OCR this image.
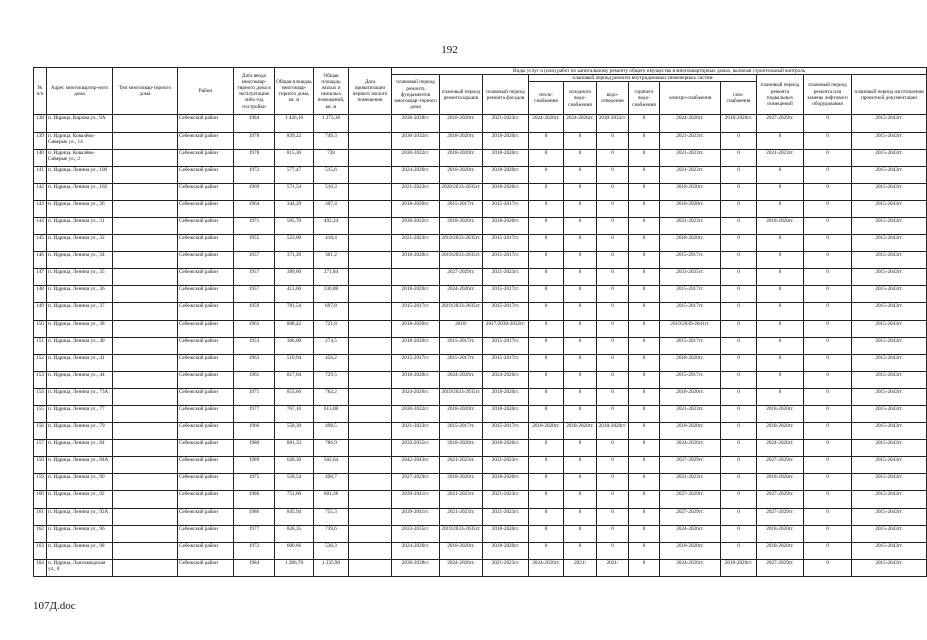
192
№ п/п	Адрес многоквартир-ного дома	Тип многоквар-тирного дома	Район	Дата ввода многоквар-тирного дома в эксплуатацию либо год постройки	Общая площадь многоквар-тирного дома, кв. м	Общая площадь жилых и нежилых помещений, кв. м	Дата приватизации первого жилого помещения	Виды услуг и (или) работ по капитальному ремонту общего имущества в многоквартирных домах, включая строительный контроль											
								плановый период ремонта фундаментов многоквар-тирного дома	плановый период ремонта крыши	плановый период ремонта фасадов	плановый период ремонта внутридомовых инженерных систем						плановый период ремонта подвальных помещений	плановый период ремонта или замены лифтового оборудования	плановый период изготовления проектной документации
											тепло-снабжения	холодного водо-снабжения	водо-отведения	горячего водо-снабжения	электро-снабжения	газо-снабжения			
138	п. Ицрица, Кирова ул., 9А		Себежский район	1984	1 426,10	1 273,30		2036-2038гг.	2018-2020гг.	2021-2023гг.	2024-2026гг.	2024-2026гг.	2030-2032гг.	0	2024-2026гг.	2018-2020гг.	2027-2029гг.	0	2015-2043гг.
139	п. Идрица, Ковалёво-Сиверые ул., 14		Себежский район	1978	839,22	749,3		2030-2032гг.	2018-2020гг.	2018-2020гг.	0	0	0	0	2021-2023гг.	0	0	0	2015-2043гг.
140	п. Идрица, Ковалёво-Сиверые ул., 2		Себежский район	1978	815,36	728		2030-2032гг.	2018-2020гг.	2018-2020гг.	0	0	0	0	2021-2023гг.	0	2021-2023гг.	0	2015-2043гг.
141	п. Идрица, Ленина ул., 100		Себежский район	1972	577,47	515,6		2024-2026гг.	2018-2020гг.	2018-2020гг.	0	0	0	0	2021-2023гг.	0	0	0	2015-2043гг.
142	п. Идрица, Ленина ул., 102		Себежский район	1969	571,54	510,3		2021-2023гг.	2020/2033-2035гг.	2018-2020гг.	0	0	0	0	2018-2020гг.	0	0	0	2015-2043гг.
143	п. Идрица, Ленина ул., 26		Себежский район	1964	344,29	307,4		2018-2020гг.	2015-2017гг.	2015-2017гг.	0	0	0	0	2018-2020гг.	0	0	0	2015-2043гг.
144	п. Идрица, Ленина ул., 31		Себежский район	1971	505,70	492,24		2030-2032гг.	2018-2020гг.	2018-2020гг.	0	0	0	0	2021-2023гг.	0	2018-2020гг.	0	2015-2043гг.
145	п. Идрица, Ленина ул., 32		Себежский район	1955	523,00	418,4		2021-2023гг.	2019/2033-2035гг.	2015-2017гг.	0	0	0	0	2018-2020гг.	0	0	0	2015-2043гг.
146	п. Идрица, Ленина ул., 34		Себежский район	1957	371,20	301,2		2018-2020гг.	2019/2033-2035гг.	2015-2017гг.	0	0	0	0	2015-2017гг.	0	0	0	2015-2043гг.
147	п. Идрица, Ленина ул., 35		Себежский район	1957	389,60	271,84			2027-2029гг.	2021-2023гг.	0	0	0	0	2033-2035гг.	0	0	0	2015-2043гг.
148	п. Идрица, Ленина ул., 36		Себежский район	1957	413,60	330,88		2018-2020гг.	2024-2026гг.	2015-2017гг.	0	0	0	0	2015-2017гг.	0	0	0	2015-2043гг.
149	п. Идрица, Ленина ул., 37		Себежский район	1959	781,54	697,8		2015-2017гг.	2019/2033-2035гг.	2015-2017гг.	0	0	0	0	2015-2017гг.	0	0	0	2015-2043гг.
150	п. Идрица, Ленина ул., 38		Себежский район	1963	808,42	721,8		2018-2020гг.	2018/	2017/2030-2032гг.	0	0	0	0	2019/2039-2041гг.	0	0	0	2015-2043гг.
151	п. Идрица, Ленина ул., 40		Себежский район	1953	366,00	274,5		2018-2020гг.	2015-2017гг.	2015-2017гг.	0	0	0	0	2015-2017гг.	0	0	0	2015-2043гг.
152	п. Идрица, Ленина ул., 41		Себежский район	1963	510,94	456,2		2015-2017гг.	2015-2017гг.	2015-2017гг.	0	0	0	0	2018-2020гг.	0	0	0	2015-2043гг.
153	п. Идрица, Ленина ул., 44		Себежский район	1961	817,04	729,5		2018-2020гг.	2024-2026гг.	2024-2026гг.	0	0	0	0	2015-2017гг.	0	0	0	2015-2043гг.
154	п. Идрица, Ленина ул., 73А		Себежский район	1971	853,66	762,2		2024-2026гг.	2019/2033-2035гг.	2018-2020гг.	0	0	0	0	2018-2020гг.	0	0	0	2015-2043гг.
155	п. Идрица, Ленина ул., 77		Себежский район	1977	767,10	613,08		2030-2032гг.	2018-2020гг.	2018-2020гг.	0	0	0	0	2021-2023гг.	0	2018-2020гг.	0	2015-2043гг.
156	п. Идрица, Ленина ул., 79		Себежский район	1966	558,30	498,5		2021-2023гг.	2015-2017гг.	2015-2017гг.	2018-2020гг.	2018-2020гг.	2018-2020гг.	0	2018-2020гг.	0	2018-2020гг.	0	2015-2043гг.
157	п. Идрица, Ленина ул., 84		Себежский район	1980	881,33	786,9		2033-2035гг.	2018-2020гг.	2018-2020гг.	0	0	0	0	2024-2026гг.	0	2024-2026гг.	0	2015-2043гг.
158	п. Идрица, Ленина ул., 84А		Себежский район	1989	628,30	502,64		2042-2043гг.	2021-2023гг.	2021-2023гг.	0	0	0	0	2027-2029гг.	0	2027-2029гг.	0	2015-2043гг.
159	п. Идрица, Ленина ул., 90		Себежский район	1975	558,54	498,7		2027-2029гг.	2018-2020гг.	2018-2020гг.	0	0	0	0	2021-2023гг.	0	2018-2020гг.	0	2015-2043гг.
160	п. Идрица, Ленина ул., 92		Себежский район	1986	751,60	601,28		2039-2041гг.	2021-2023гг.	2021-2023гг.	0	0	0	0	2027-2029гг.	0	2027-2029гг.	0	2015-2043гг.
161	п. Идрица, Ленина ул., 92А		Себежский район	1986	845,94	755,3		2039-2041гг.	2021-2023гг.	2021-2023гг.	0	0	0	0	2027-2029гг.	0	2027-2029гг.	0	2015-2043гг.
162	п. Идрица, Ленина ул., 96		Себежский район	1977	828,35	739,6		2033-2035гг.	2019/2033-2035гг.	2018-2020гг.	0	0	0	0	2024-2026гг.	0	2018-2020гг.	0	2015-2043гг.
163	п. Идрица, Ленина ул., 98		Себежский район	1972	600,66	536,3		2024-2026гг.	2018-2020гг.	2018-2020гг.	0	0	0	0	2018-2020гг.	0	2018-2020гг.	0	2015-2043гг.
164	п. Идрица, Льнозаводская ул., 8		Себежский район	1984	1 286,70	1 235,90		2036-2038гг.	2024-2026гг.	2021-2023гг.	2024-2026гг.	2021/	2021/	0	2024-2026гг.	2018-2020гг.	2027-2029гг.	0	2015-2043гг.
107Д.doc
